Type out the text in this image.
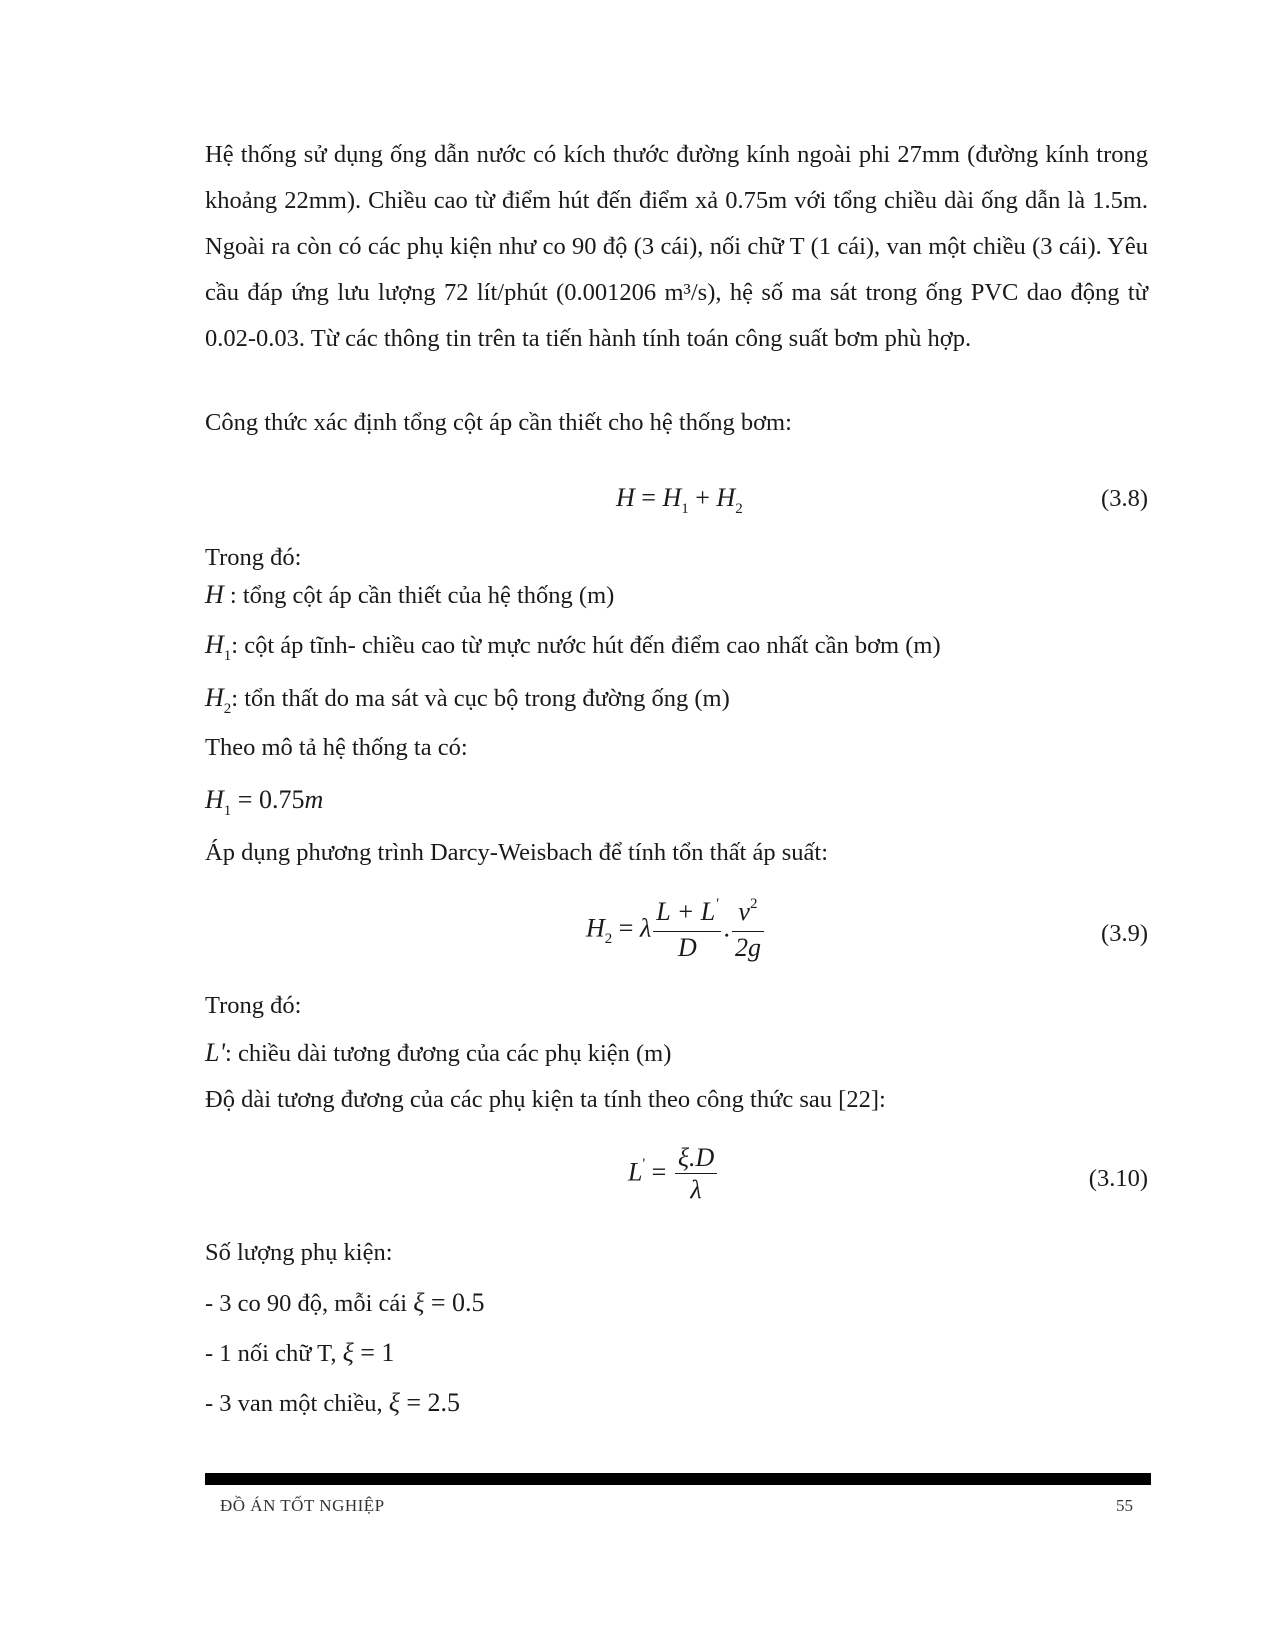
Hệ thống sử dụng ống dẫn nước có kích thước đường kính ngoài phi 27mm (đường kính trong khoảng 22mm). Chiều cao từ điểm hút đến điểm xả 0.75m với tổng chiều dài ống dẫn là 1.5m. Ngoài ra còn có các phụ kiện như co 90 độ (3 cái), nối chữ T (1 cái), van một chiều (3 cái). Yêu cầu đáp ứng lưu lượng 72 lít/phút (0.001206 m³/s), hệ số ma sát trong ống PVC dao động từ 0.02-0.03. Từ các thông tin trên ta tiến hành tính toán công suất bơm phù hợp.
Công thức xác định tổng cột áp cần thiết cho hệ thống bơm:
$H = H_1 + H_2$	(3.8)
Trong đó:
H : tổng cột áp cần thiết của hệ thống (m)
$H_1$: cột áp tĩnh- chiều cao từ mực nước hút đến điểm cao nhất cần bơm (m)
$H_2$: tổn thất do ma sát và cục bộ trong đường ống (m)
Theo mô tả hệ thống ta có:
$H_1 = 0.75m$
Áp dụng phương trình Darcy-Weisbach để tính tổn thất áp suất:
$H_2 = \lambda \frac{L + L'}{D}$ . $\frac{v^2}{2g}$	(3.9)
Trong đó:
L': chiều dài tương đương của các phụ kiện (m)
Độ dài tương đương của các phụ kiện ta tính theo công thức sau [22]:
$L' = \frac{\xi.D}{\lambda}$	(3.10)
Số lượng phụ kiện:
- 3 co 90 độ, mỗi cái ξ = 0.5
- 1 nối chữ T, ξ = 1
- 3 van một chiều, ξ = 2.5
ĐỒ ÁN TỐT NGHIỆP	55
